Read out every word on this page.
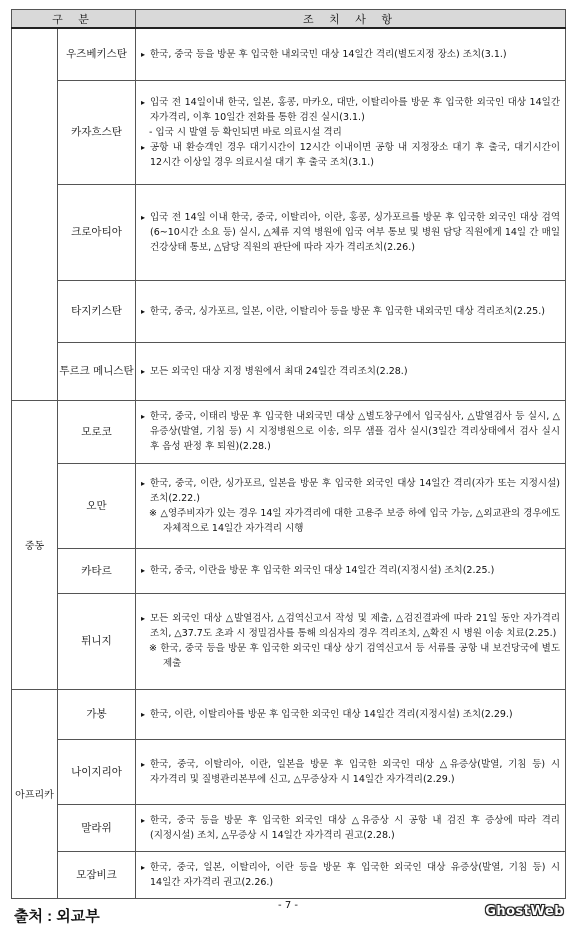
구 분		조 치 사 항
	우즈베키스탄	▸ 한국, 중국 등을 방문 후 입국한 내외국민 대상 14일간 격리(별도지정 장소) 조치(3.1.)

	카자흐스탄	▸ 입국 전 14일이내 한국, 일본, 홍콩, 마카오, 대만, 이탈리아를 방문 후 입국한 외국인 대상 14일간 자가격리, 이후 10일간 전화를 통한 검진 실시(3.1.)
- 입국 시 발열 등 확인되면 바로 의료시설 격리
▸ 공항 내 환승객인 경우 대기시간이 12시간 이내이면 공항 내 지정장소 대기 후 출국, 대기시간이 12시간 이상일 경우 의료시설 대기 후 출국 조치(3.1.)

	크로아티아	▸ 입국 전 14일 이내 한국, 중국, 이탈리아, 이란, 홍콩, 싱가포르를 방문 후 입국한 외국인 대상 검역(6~10시간 소요 등) 실시, △체류 지역 병원에 입국 여부 통보 및 병원 담당 직원에게 14일 간 매일 건강상태 통보, △담당 직원의 판단에 따라 자가 격리조치(2.26.)

	타지키스탄	▸ 한국, 중국, 싱가포르, 일본, 이란, 이탈리아 등을 방문 후 입국한 내외국민 대상 격리조치(2.25.)

	투르크 메니스탄	▸ 모든 외국인 대상 지정 병원에서 최대 24일간 격리조치(2.28.)

중동	모로코	▸ 한국, 중국, 이태리 방문 후 입국한 내외국민 대상 △별도창구에서 입국심사, △발열검사 등 실시, △유증상(발열, 기침 등) 시 지정병원으로 이송, 의무 샘플 검사 실시(3일간 격리상태에서 검사 실시 후 음성 판정 후 퇴원)(2.28.)

	오만	▸ 한국, 중국, 이란, 싱가포르, 일본을 방문 후 입국한 외국인 대상 14일간 격리(자가 또는 지정시설) 조치(2.22.)
※ △영주비자가 있는 경우 14일 자가격리에 대한 고용주 보증 하에 입국 가능, △외교관의 경우에도 자체적으로 14일간 자가격리 시행

	카타르	▸ 한국, 중국, 이란을 방문 후 입국한 외국인 대상 14일간 격리(지정시설) 조치(2.25.)

	튀니지	▸ 모든 외국인 대상 △발열검사, △검역신고서 작성 및 제출, △검진결과에 따라 21일 동안 자가격리 조치, △37.7도 초과 시 정밀검사를 통해 의심자의 경우 격리조치, △확진 시 병원 이송 치료(2.25.)
※ 한국, 중국 등을 방문 후 입국한 외국인 대상 상기 검역신고서 등 서류를 공항 내 보건당국에 별도 제출

아프리카	가봉	▸ 한국, 이란, 이탈리아를 방문 후 입국한 외국인 대상 14일간 격리(지정시설) 조치(2.29.)

	나이지리아	▸ 한국, 중국, 이탈리아, 이란, 일본을 방문 후 입국한 외국인 대상 △유증상(발열, 기침 등) 시 자가격리 및 질병관리본부에 신고, △무증상자 시 14일간 자가격리(2.29.)

	말라위	▸ 한국, 중국 등을 방문 후 입국한 외국인 대상 △유증상 시 공항 내 검진 후 증상에 따라 격리(지정시설) 조치, △무증상 시 14일간 자가격리 권고(2.28.)

	모잠비크	▸ 한국, 중국, 일본, 이탈리아, 이란 등을 방문 후 입국한 외국인 대상 유증상(발열, 기침 등) 시 14일간 자가격리 권고(2.26.)
- 7 -
출처 : 외교부	GhostWeb
